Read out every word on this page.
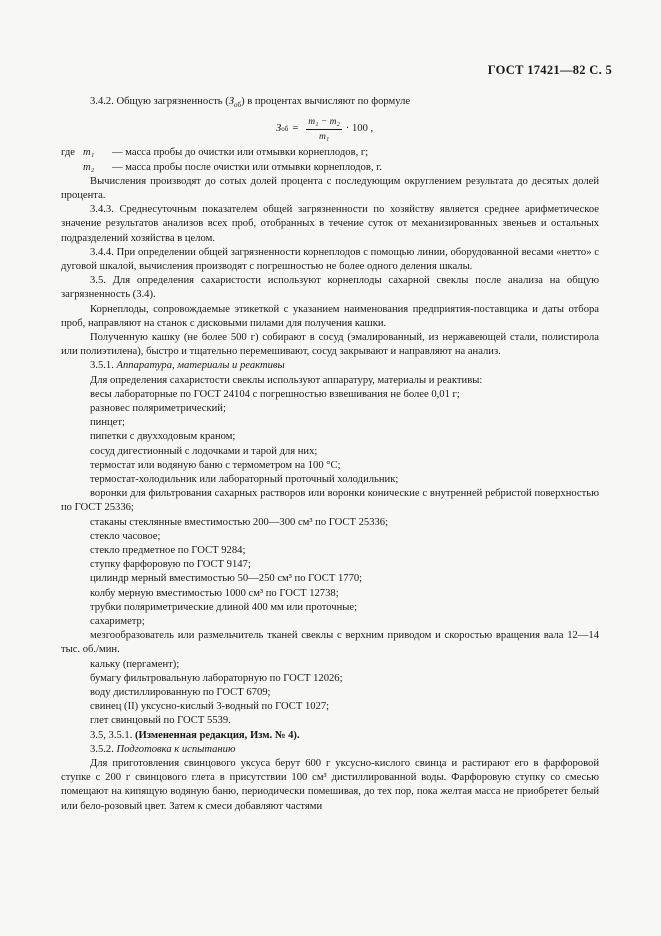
ГОСТ 17421—82 С. 5

3.4.2. Общую загрязненность $(З_{об})$ в процентах вычисляют по формуле

З об = $\frac{\text{m₁ − m₂}}{\text{m₁}} \cdot 100$ ,
где m₁	— масса пробы до очистки или отмывки корнеплодов, г;
m₂	— масса пробы после очистки или отмывки корнеплодов, г.

Вычисления производят до сотых долей процента с последующим округлением результата до десятых долей процента.

3.4.3. Среднесуточным показателем общей загрязненности по хозяйству является среднее арифметическое значение результатов анализов всех проб, отобранных в течение суток от механизированных звеньев и остальных подразделений хозяйства в целом.

3.4.4. При определении общей загрязненности корнеплодов с помощью линии, оборудованной весами «нетто» с дуговой шкалой, вычисления производят с погрешностью не более одного деления шкалы.

3.5. Для определения сахаристости используют корнеплоды сахарной свеклы после анализа на общую загрязненность (3.4).

Корнеплоды, сопровождаемые этикеткой с указанием наименования предприятия-поставщика и даты отбора проб, направляют на станок с дисковыми пилами для получения кашки.

Полученную кашку (не более 500 г) собирают в сосуд (эмалированный, из нержавеющей стали, полистирола или полиэтилена), быстро и тщательно перемешивают, сосуд закрывают и направляют на анализ.

3.5.1. Аппаратура, материалы и реактивы

Для определения сахаристости свеклы используют аппаратуру, материалы и реактивы:

весы лабораторные по ГОСТ 24104 с погрешностью взвешивания не более 0,01 г;

разновес поляриметрический;

пинцет;

пипетки с двухходовым краном;

сосуд дигестионный с лодочками и тарой для них;

термостат или водяную баню с термометром на 100 °С;

термостат-холодильник или лабораторный проточный холодильник;

воронки для фильтрования сахарных растворов или воронки конические с внутренней ребристой поверхностью по ГОСТ 25336;

стаканы стеклянные вместимостью 200—300 см³ по ГОСТ 25336;

стекло часовое;

стекло предметное по ГОСТ 9284;

ступку фарфоровую по ГОСТ 9147;

цилиндр мерный вместимостью 50—250 см³ по ГОСТ 1770;

колбу мерную вместимостью 1000 см³ по ГОСТ 12738;

трубки поляриметрические длиной 400 мм или проточные;

сахариметр;

мезгообразователь или размельчитель тканей свеклы с верхним приводом и скоростью вращения вала 12—14 тыс. об./мин.

кальку (пергамент);

бумагу фильтровальную лабораторную по ГОСТ 12026;

воду дистиллированную по ГОСТ 6709;

свинец (II) уксусно-кислый 3-водный по ГОСТ 1027;

глет свинцовый по ГОСТ 5539.

3.5, 3.5.1. (Измененная редакция, Изм. № 4).

3.5.2. Подготовка к испытанию

Для приготовления свинцового уксуса берут 600 г уксусно-кислого свинца и растирают его в фарфоровой ступке с 200 г свинцового глета в присутствии 100 см³ дистиллированной воды. Фарфоровую ступку со смесью помещают на кипящую водяную баню, периодически помешивая, до тех пор, пока желтая масса не приобретет белый или бело-розовый цвет. Затем к смеси добавляют частями
